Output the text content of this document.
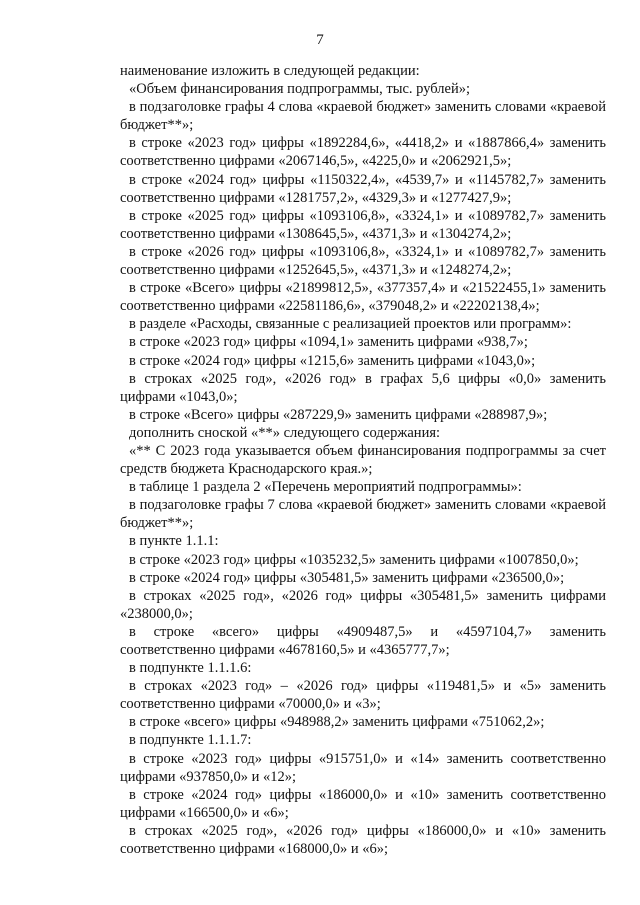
7

наименование изложить в следующей редакции:

«Объем финансирования подпрограммы, тыс. рублей»;

в подзаголовке графы 4 слова «краевой бюджет» заменить словами «краевой бюджет**»;

в строке «2023 год» цифры «1892284,6», «4418,2» и «1887866,4» заменить соответственно цифрами «2067146,5», «4225,0» и «2062921,5»;

в строке «2024 год» цифры «1150322,4», «4539,7» и «1145782,7» заменить соответственно цифрами «1281757,2», «4329,3» и «1277427,9»;

в строке «2025 год» цифры «1093106,8», «3324,1» и «1089782,7» заменить соответственно цифрами «1308645,5», «4371,3» и «1304274,2»;

в строке «2026 год» цифры «1093106,8», «3324,1» и «1089782,7» заменить соответственно цифрами «1252645,5», «4371,3» и «1248274,2»;

в строке «Всего» цифры «21899812,5», «377357,4» и «21522455,1» заменить соответственно цифрами «22581186,6», «379048,2» и «22202138,4»;

в разделе «Расходы, связанные с реализацией проектов или программ»:

в строке «2023 год» цифры «1094,1» заменить цифрами «938,7»;

в строке «2024 год» цифры «1215,6» заменить цифрами «1043,0»;

в строках «2025 год», «2026 год» в графах 5,6 цифры «0,0» заменить цифрами «1043,0»;

в строке «Всего» цифры «287229,9» заменить цифрами «288987,9»;

дополнить сноской «**» следующего содержания:

«** С 2023 года указывается объем финансирования подпрограммы за счет средств бюджета Краснодарского края.»;

в таблице 1 раздела 2 «Перечень мероприятий подпрограммы»:

в подзаголовке графы 7 слова «краевой бюджет» заменить словами «краевой бюджет**»;

в пункте 1.1.1:

в строке «2023 год» цифры «1035232,5» заменить цифрами «1007850,0»;

в строке «2024 год» цифры «305481,5» заменить цифрами «236500,0»;

в строках «2025 год», «2026 год» цифры «305481,5» заменить цифрами «238000,0»;

в строке «всего» цифры «4909487,5» и «4597104,7» заменить соответственно цифрами «4678160,5» и «4365777,7»;

в подпункте 1.1.1.6:

в строках «2023 год» – «2026 год» цифры «119481,5» и «5» заменить соответственно цифрами «70000,0» и «3»;

в строке «всего» цифры «948988,2» заменить цифрами «751062,2»;

в подпункте 1.1.1.7:

в строке «2023 год» цифры «915751,0» и «14» заменить соответственно цифрами «937850,0» и «12»;

в строке «2024 год» цифры «186000,0» и «10» заменить соответственно цифрами «166500,0» и «6»;

в строках «2025 год», «2026 год» цифры «186000,0» и «10» заменить соответственно цифрами «168000,0» и «6»;
